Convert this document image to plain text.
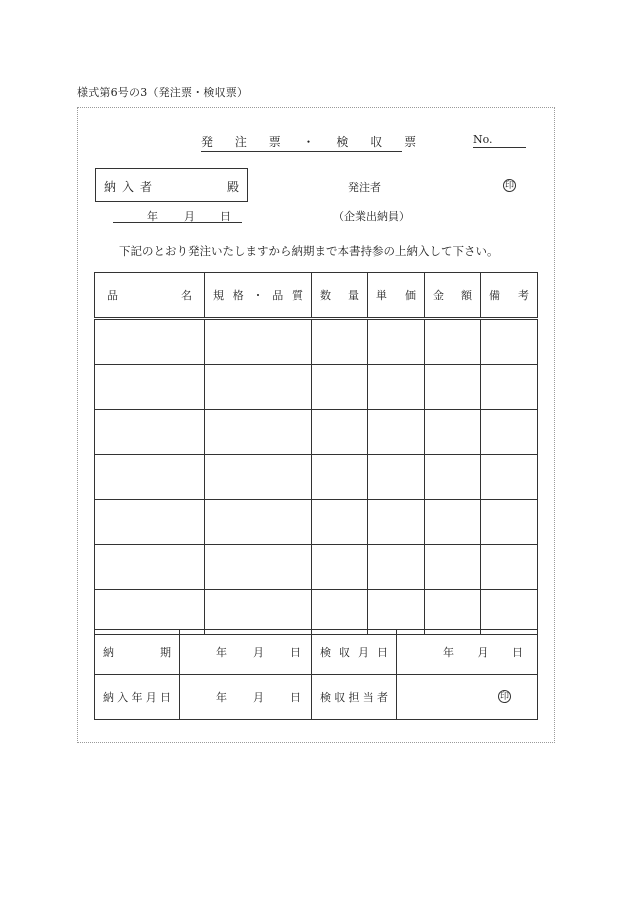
様式第6号の3（発注票・検収票）
発 注 票 ・ 検 収 票	No.
納入者	殿
年 月 日
発注者	印
（企業出納員）
下記のとおり発注いたしますから納期まで本書持参の上納入して下さい。
品 名	規 格 ・ 品 質	数 量	単 価	金 額	備 考

納 期	年 月 日	検 収 月 日	年 月 日

納 入 年 月 日	年 月 日	検 収 担 当 者	印
